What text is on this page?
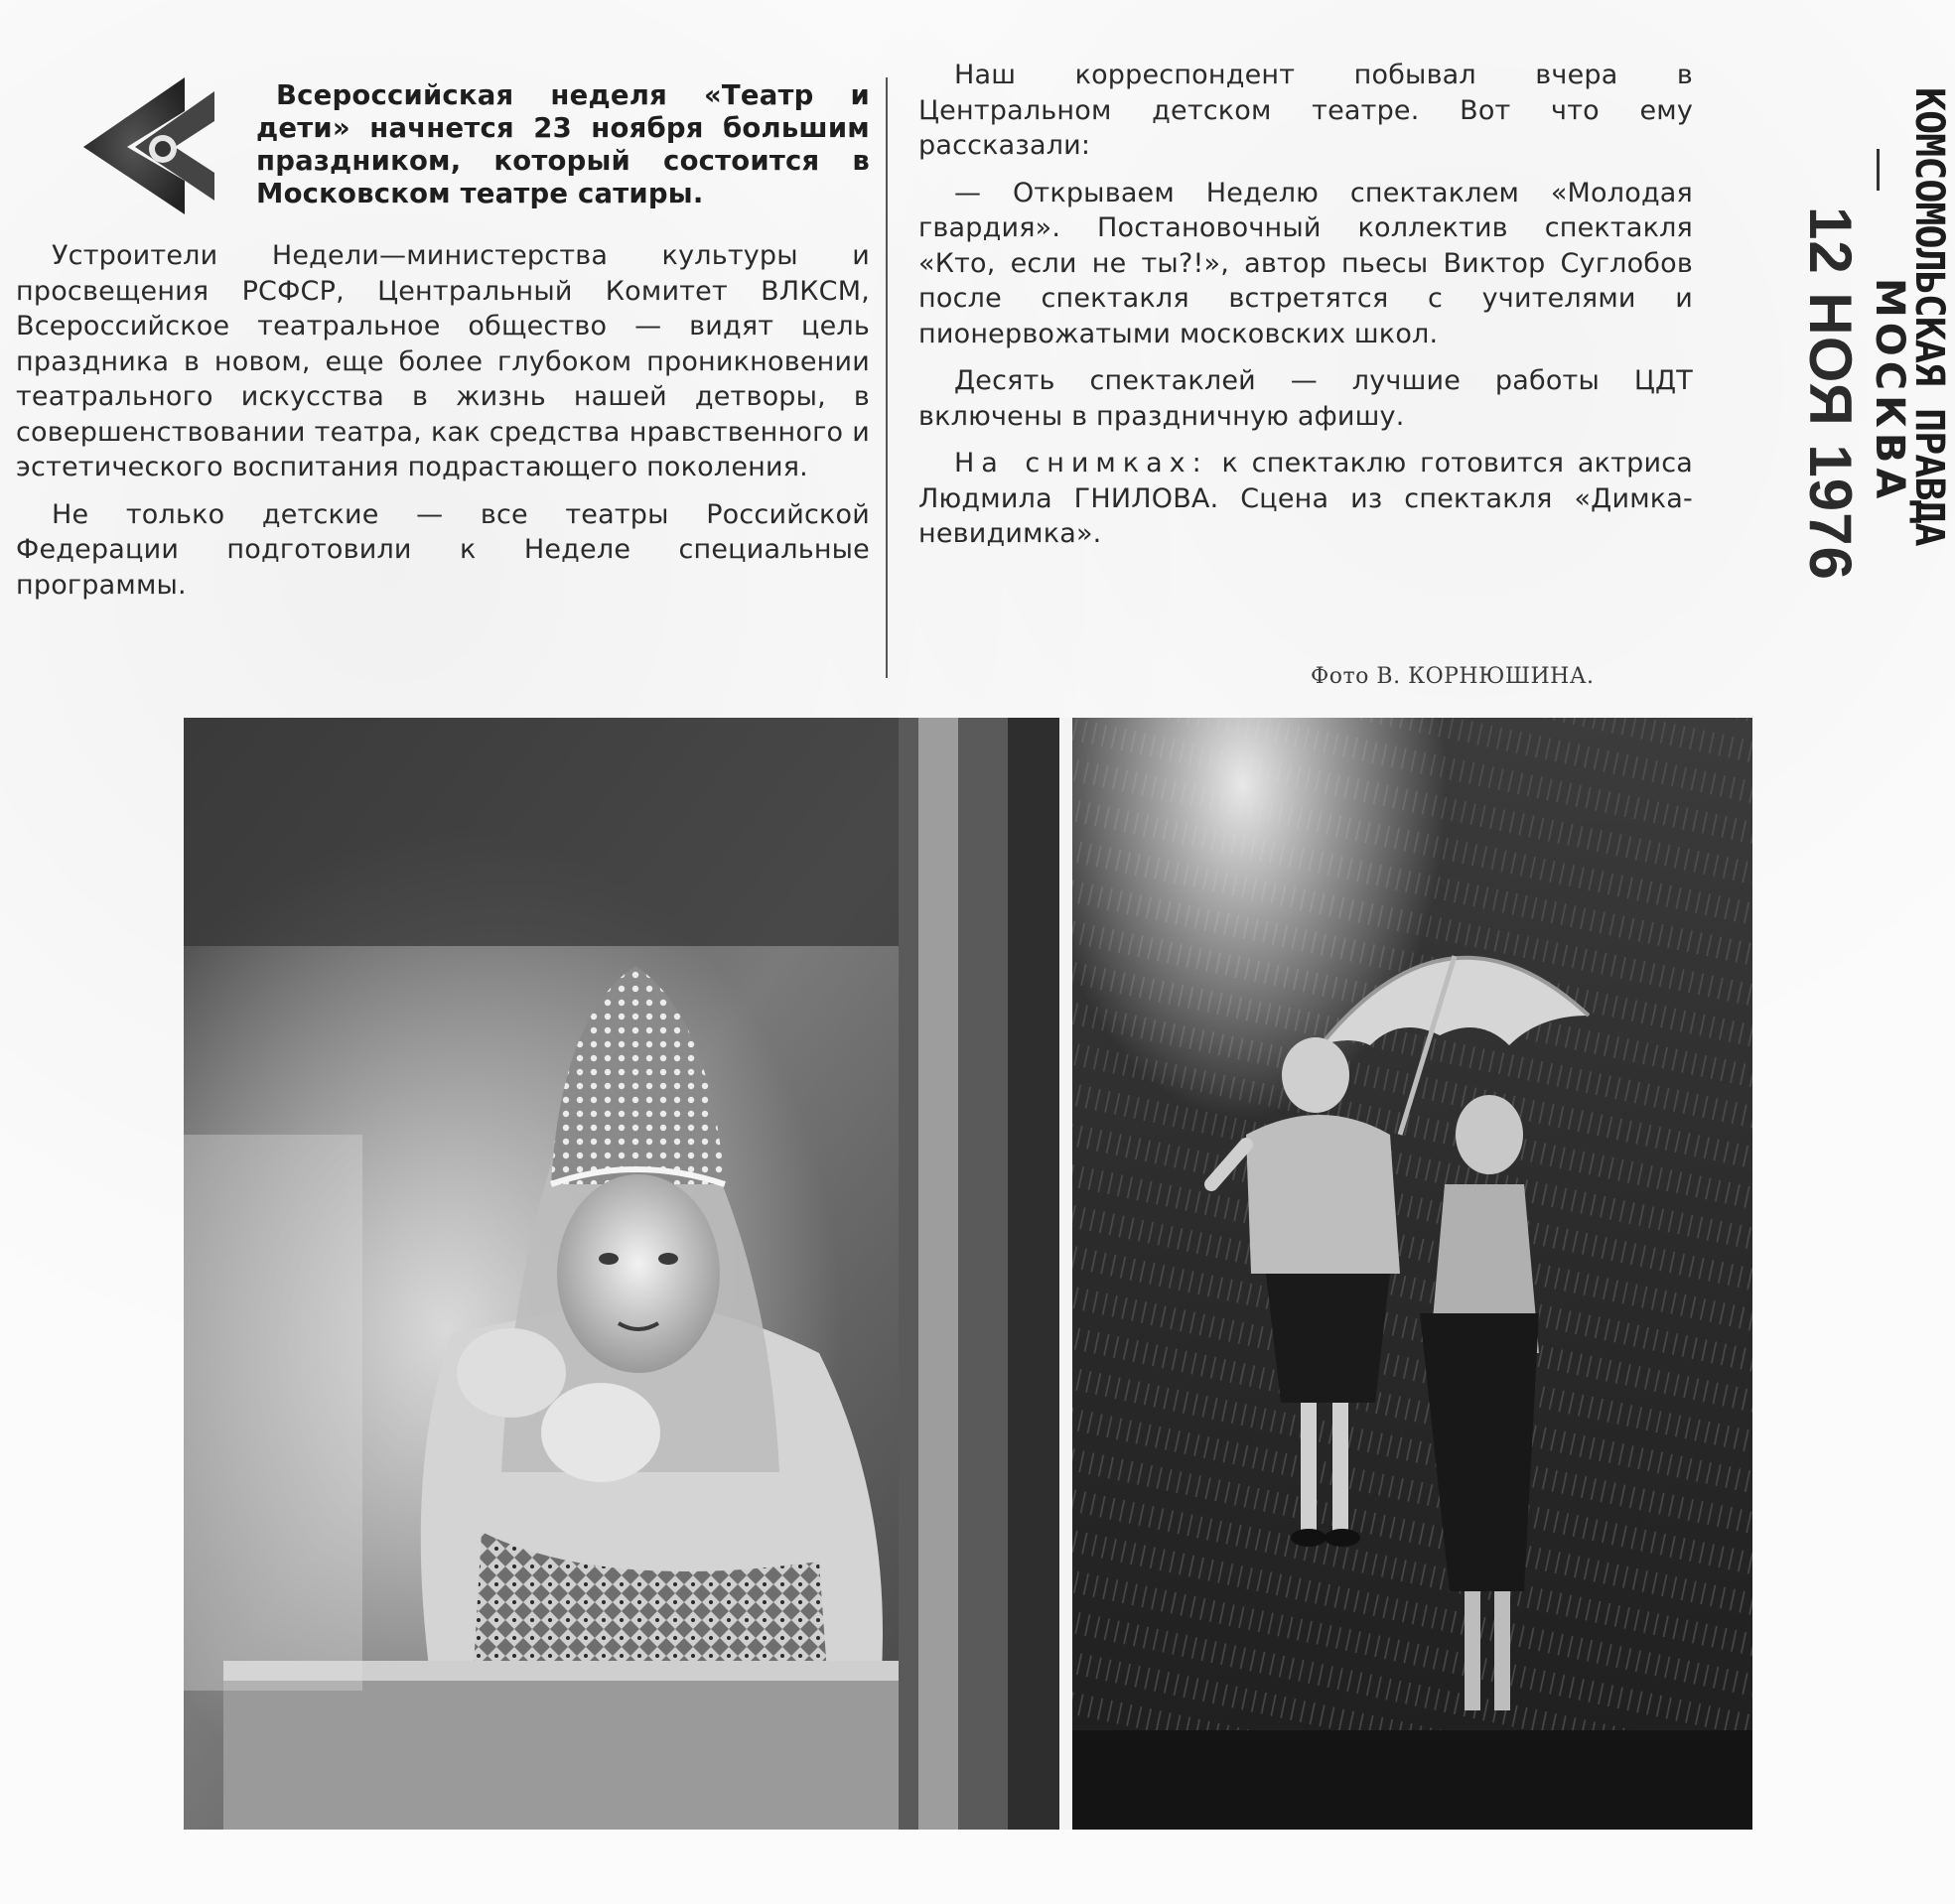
Всероссийская неделя «Театр и дети» начнется 23 ноября большим праздником, который состоится в Московском театре сатиры.

Устроители Недели—министерства культуры и просвещения РСФСР, Центральный Комитет ВЛКСМ, Всероссийское театральное общество — видят цель праздника в новом, еще более глубоком проникновении театрального искусства в жизнь нашей детворы, в совершенствовании театра, как средства нравственного и эстетического воспитания подрастающего поколения.

Не только детские — все театры Российской Федерации подготовили к Неделе специальные программы.

Наш корреспондент побывал вчера в Центральном детском театре. Вот что ему рассказали:

— Открываем Неделю спектаклем «Молодая гвардия». Постановочный коллектив спектакля «Кто, если не ты?!», автор пьесы Виктор Суглобов после спектакля встретятся с учителями и пионервожатыми московских школ.

Десять спектаклей — лучшие работы ЦДТ включены в праздничную афишу.

На снимках: к спектаклю готовится актриса Людмила ГНИЛОВА. Сцена из спектакля «Димка-невидимка».

Фото В. КОРНЮШИНА.
12 НОЯ 1976 МОСКВА
КОМСОМОЛЬСКАЯ ПРАВДА
